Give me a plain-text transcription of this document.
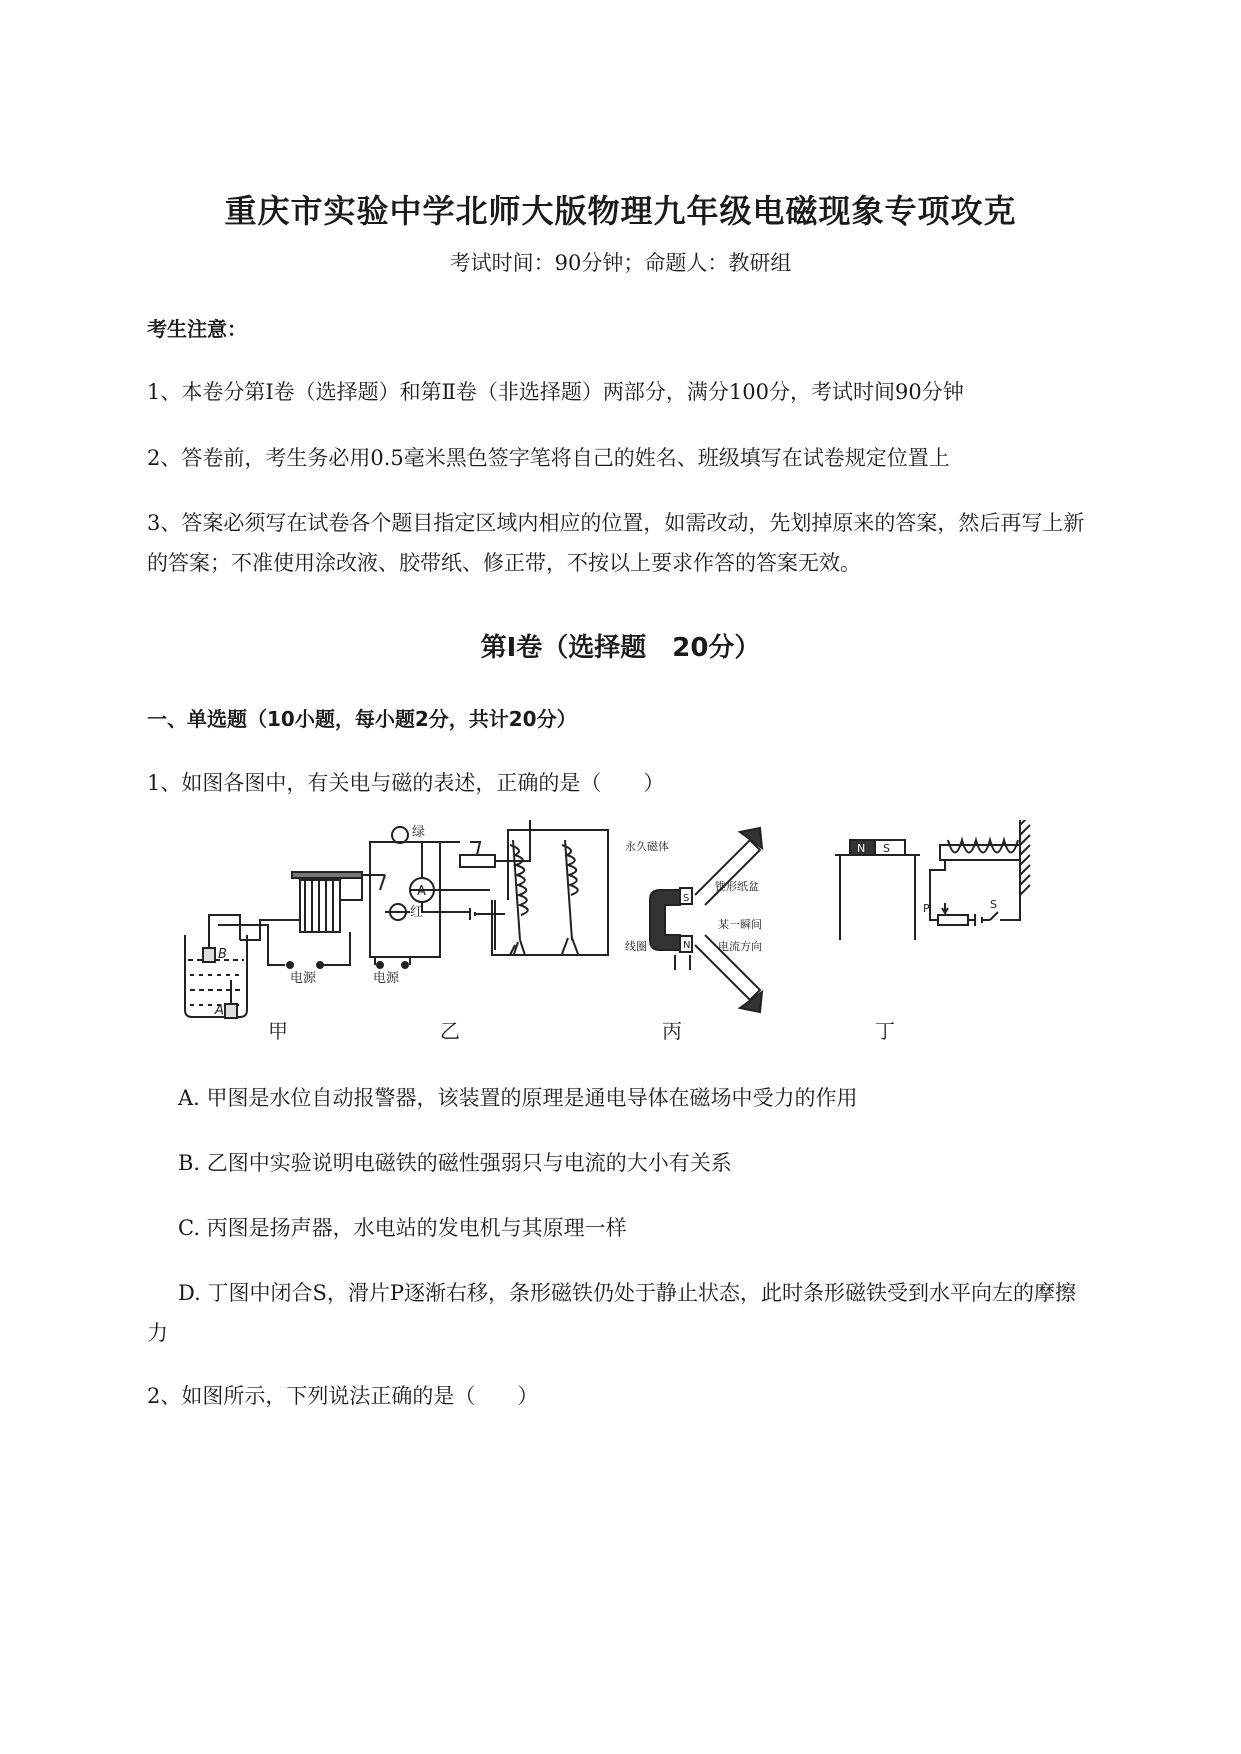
重庆市实验中学北师大版物理九年级电磁现象专项攻克
考试时间：90分钟；命题人：教研组
考生注意：
1、本卷分第I卷（选择题）和第Ⅱ卷（非选择题）两部分，满分100分，考试时间90分钟
2、答卷前，考生务必用0.5毫米黑色签字笔将自己的姓名、班级填写在试卷规定位置上
3、答案必须写在试卷各个题目指定区域内相应的位置，如需改动，先划掉原来的答案，然后再写上新
的答案；不准使用涂改液、胶带纸、修正带，不按以上要求作答的答案无效。
第I卷（选择题　20分）
一、单选题（10小题，每小题2分，共计20分）
1、如图各图中，有关电与磁的表述，正确的是（　　）
甲	乙	丙	丁
绿
红
电源	电源
B
A
A
永久磁体
锥形纸盆
线圈
某一瞬间
电流方向
S
N
N S
P	S
A. 甲图是水位自动报警器，该装置的原理是通电导体在磁场中受力的作用
B. 乙图中实验说明电磁铁的磁性强弱只与电流的大小有关系
C. 丙图是扬声器，水电站的发电机与其原理一样
D. 丁图中闭合S，滑片P逐渐右移，条形磁铁仍处于静止状态，此时条形磁铁受到水平向左的摩擦
力
2、如图所示，下列说法正确的是（　　）
